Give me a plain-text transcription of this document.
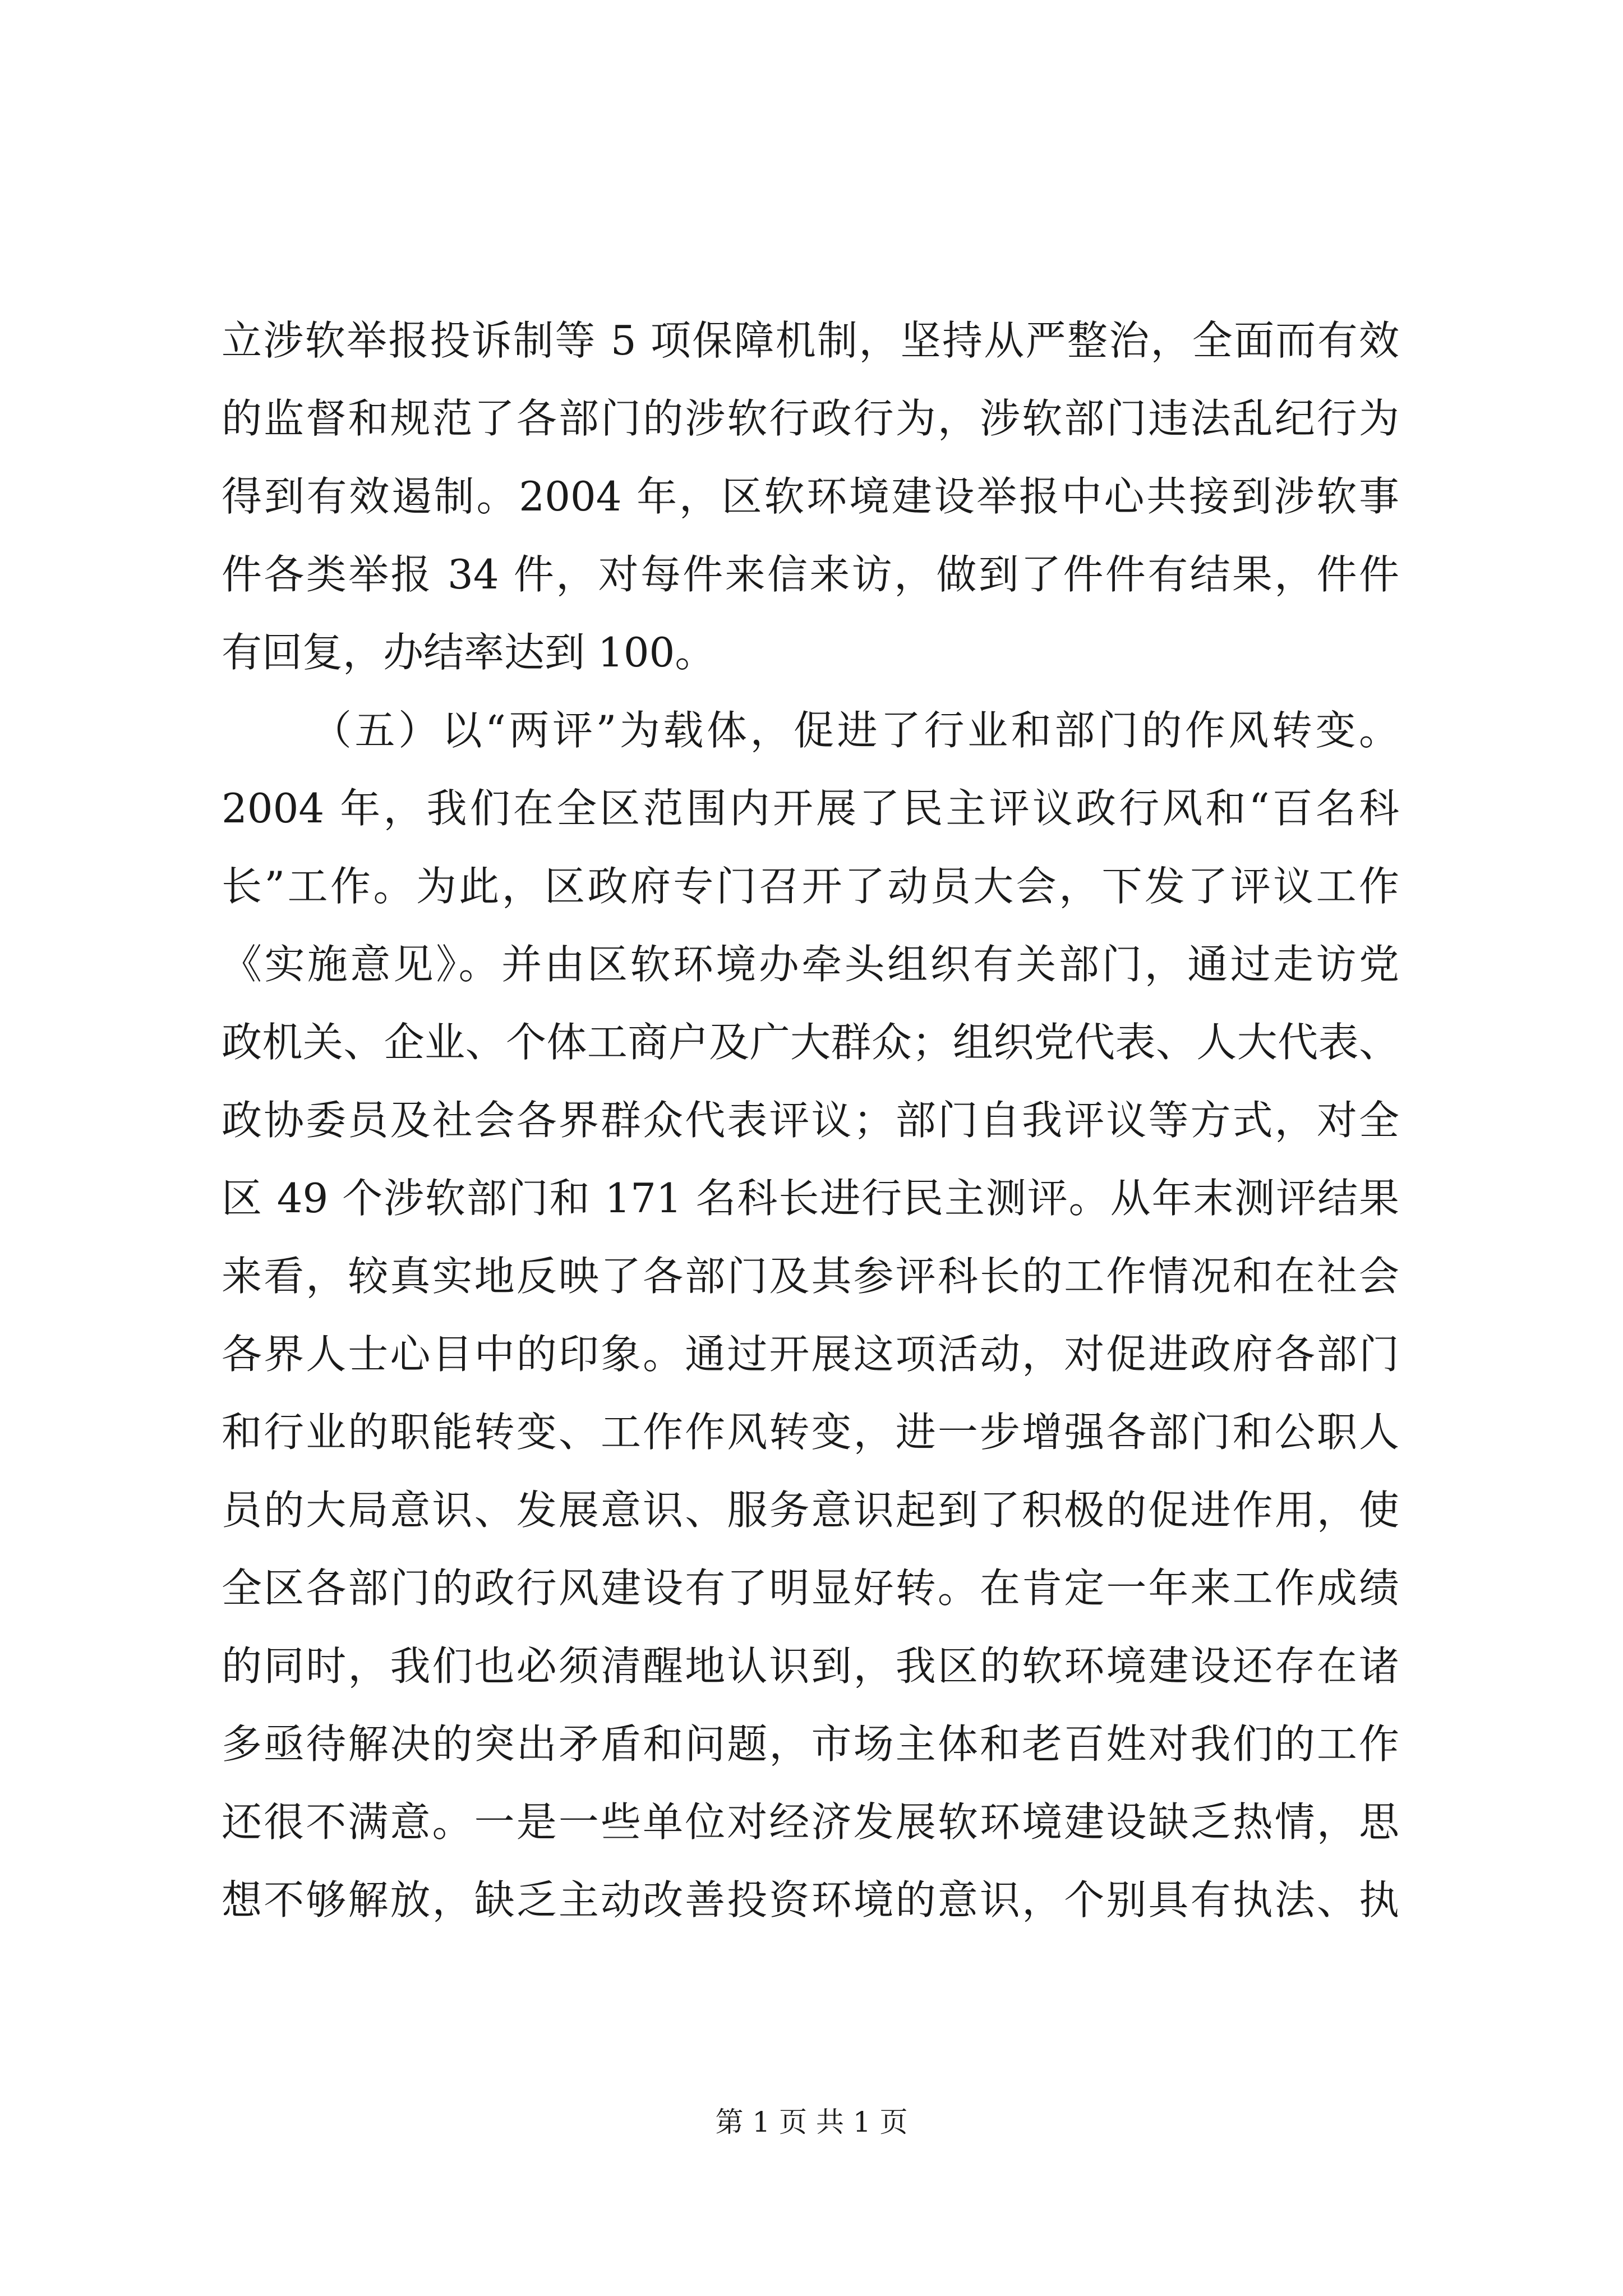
立涉软举报投诉制等 5 项保障机制，坚持从严整治，全面而有效
的监督和规范了各部门的涉软行政行为，涉软部门违法乱纪行为
得到有效遏制。2004 年，区软环境建设举报中心共接到涉软事
件各类举报 34 件，对每件来信来访，做到了件件有结果，件件
有回复，办结率达到 100。
（五）以“两评”为载体，促进了行业和部门的作风转变。
2004 年，我们在全区范围内开展了民主评议政行风和“百名科
长”工作。为此，区政府专门召开了动员大会，下发了评议工作
《实施意见》。并由区软环境办牵头组织有关部门，通过走访党
政机关、企业、个体工商户及广大群众；组织党代表、人大代表、
政协委员及社会各界群众代表评议；部门自我评议等方式，对全
区 49 个涉软部门和 171 名科长进行民主测评。从年末测评结果
来看，较真实地反映了各部门及其参评科长的工作情况和在社会
各界人士心目中的印象。通过开展这项活动，对促进政府各部门
和行业的职能转变、工作作风转变，进一步增强各部门和公职人
员的大局意识、发展意识、服务意识起到了积极的促进作用，使
全区各部门的政行风建设有了明显好转。在肯定一年来工作成绩
的同时，我们也必须清醒地认识到，我区的软环境建设还存在诸
多亟待解决的突出矛盾和问题，市场主体和老百姓对我们的工作
还很不满意。一是一些单位对经济发展软环境建设缺乏热情，思
想不够解放，缺乏主动改善投资环境的意识，个别具有执法、执
第 1 页 共 1 页
